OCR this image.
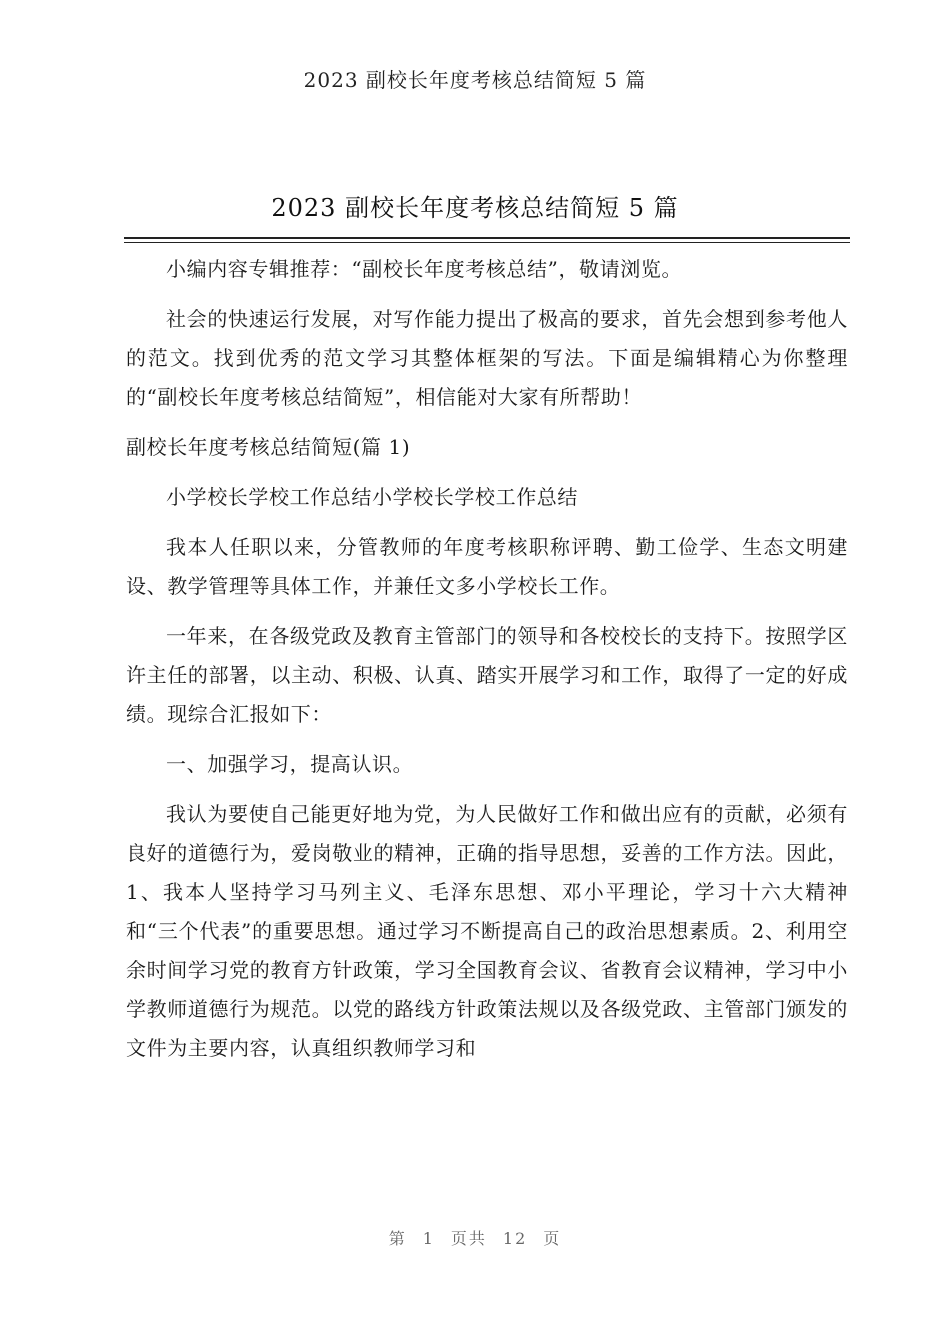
2023 副校长年度考核总结简短 5 篇
2023 副校长年度考核总结简短 5 篇

小编内容专辑推荐：“副校长年度考核总结”，敬请浏览。

社会的快速运行发展，对写作能力提出了极高的要求，首先会想到参考他人的范文。找到优秀的范文学习其整体框架的写法。下面是编辑精心为你整理的“副校长年度考核总结简短”，相信能对大家有所帮助！

副校长年度考核总结简短(篇 1)

小学校长学校工作总结小学校长学校工作总结

我本人任职以来，分管教师的年度考核职称评聘、勤工俭学、生态文明建设、教学管理等具体工作，并兼任文多小学校长工作。

一年来，在各级党政及教育主管部门的领导和各校校长的支持下。按照学区许主任的部署，以主动、积极、认真、踏实开展学习和工作，取得了一定的好成绩。现综合汇报如下：

一、加强学习，提高认识。

我认为要使自己能更好地为党，为人民做好工作和做出应有的贡献，必须有良好的道德行为，爱岗敬业的精神，正确的指导思想，妥善的工作方法。因此，1、我本人坚持学习马列主义、毛泽东思想、邓小平理论，学习十六大精神和“三个代表”的重要思想。通过学习不断提高自己的政治思想素质。2、利用空余时间学习党的教育方针政策，学习全国教育会议、省教育会议精神，学习中小学教师道德行为规范。以党的路线方针政策法规以及各级党政、主管部门颁发的文件为主要内容，认真组织教师学习和

第 1 页共 12 页
